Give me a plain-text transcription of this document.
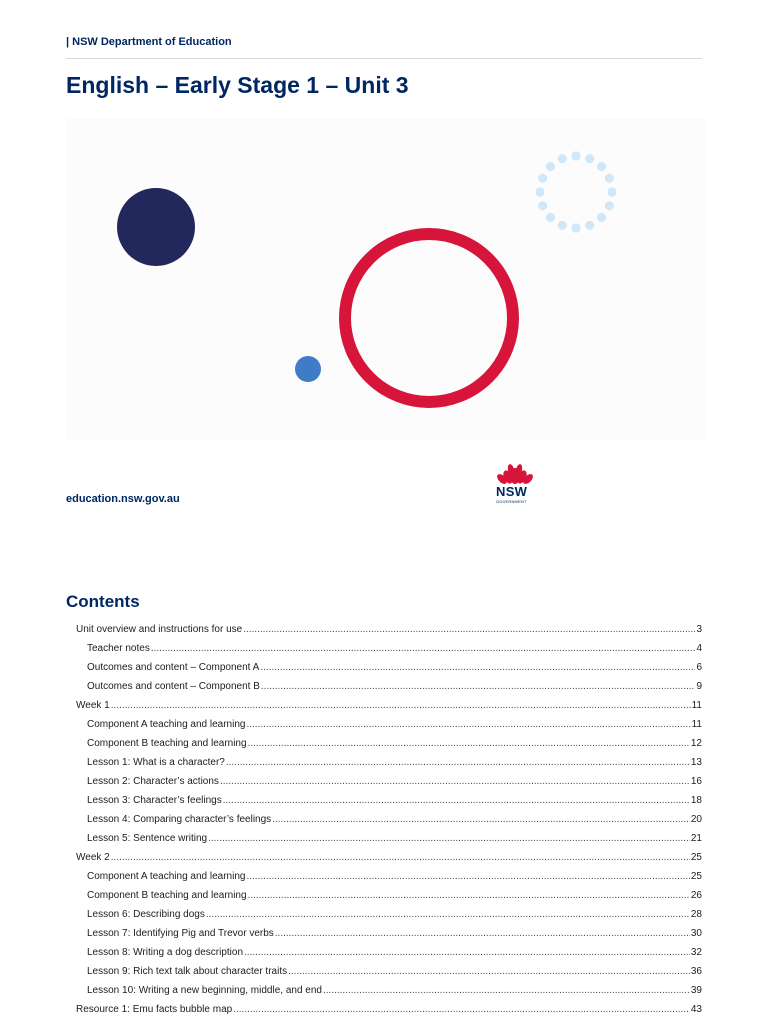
| NSW Department of Education
English – Early Stage 1 – Unit 3
education.nsw.gov.au	NSW
GOVERNMENT
Contents
Unit overview and instructions for use .....	3
Teacher notes .....	4
Outcomes and content – Component A .....	6
Outcomes and content – Component B .....	9
Week 1 .....	11
Component A teaching and learning .....	11
Component B teaching and learning .....	12
Lesson 1: What is a character? .....	13
Lesson 2: Character’s actions .....	16
Lesson 3: Character’s feelings .....	18
Lesson 4: Comparing character’s feelings .....	20
Lesson 5: Sentence writing .....	21
Week 2 .....	25
Component A teaching and learning .....	25
Component B teaching and learning .....	26
Lesson 6: Describing dogs .....	28
Lesson 7: Identifying Pig and Trevor verbs .....	30
Lesson 8: Writing a dog description .....	32
Lesson 9: Rich text talk about character traits .....	36
Lesson 10: Writing a new beginning, middle, and end .....	39
Resource 1: Emu facts bubble map .....	43
